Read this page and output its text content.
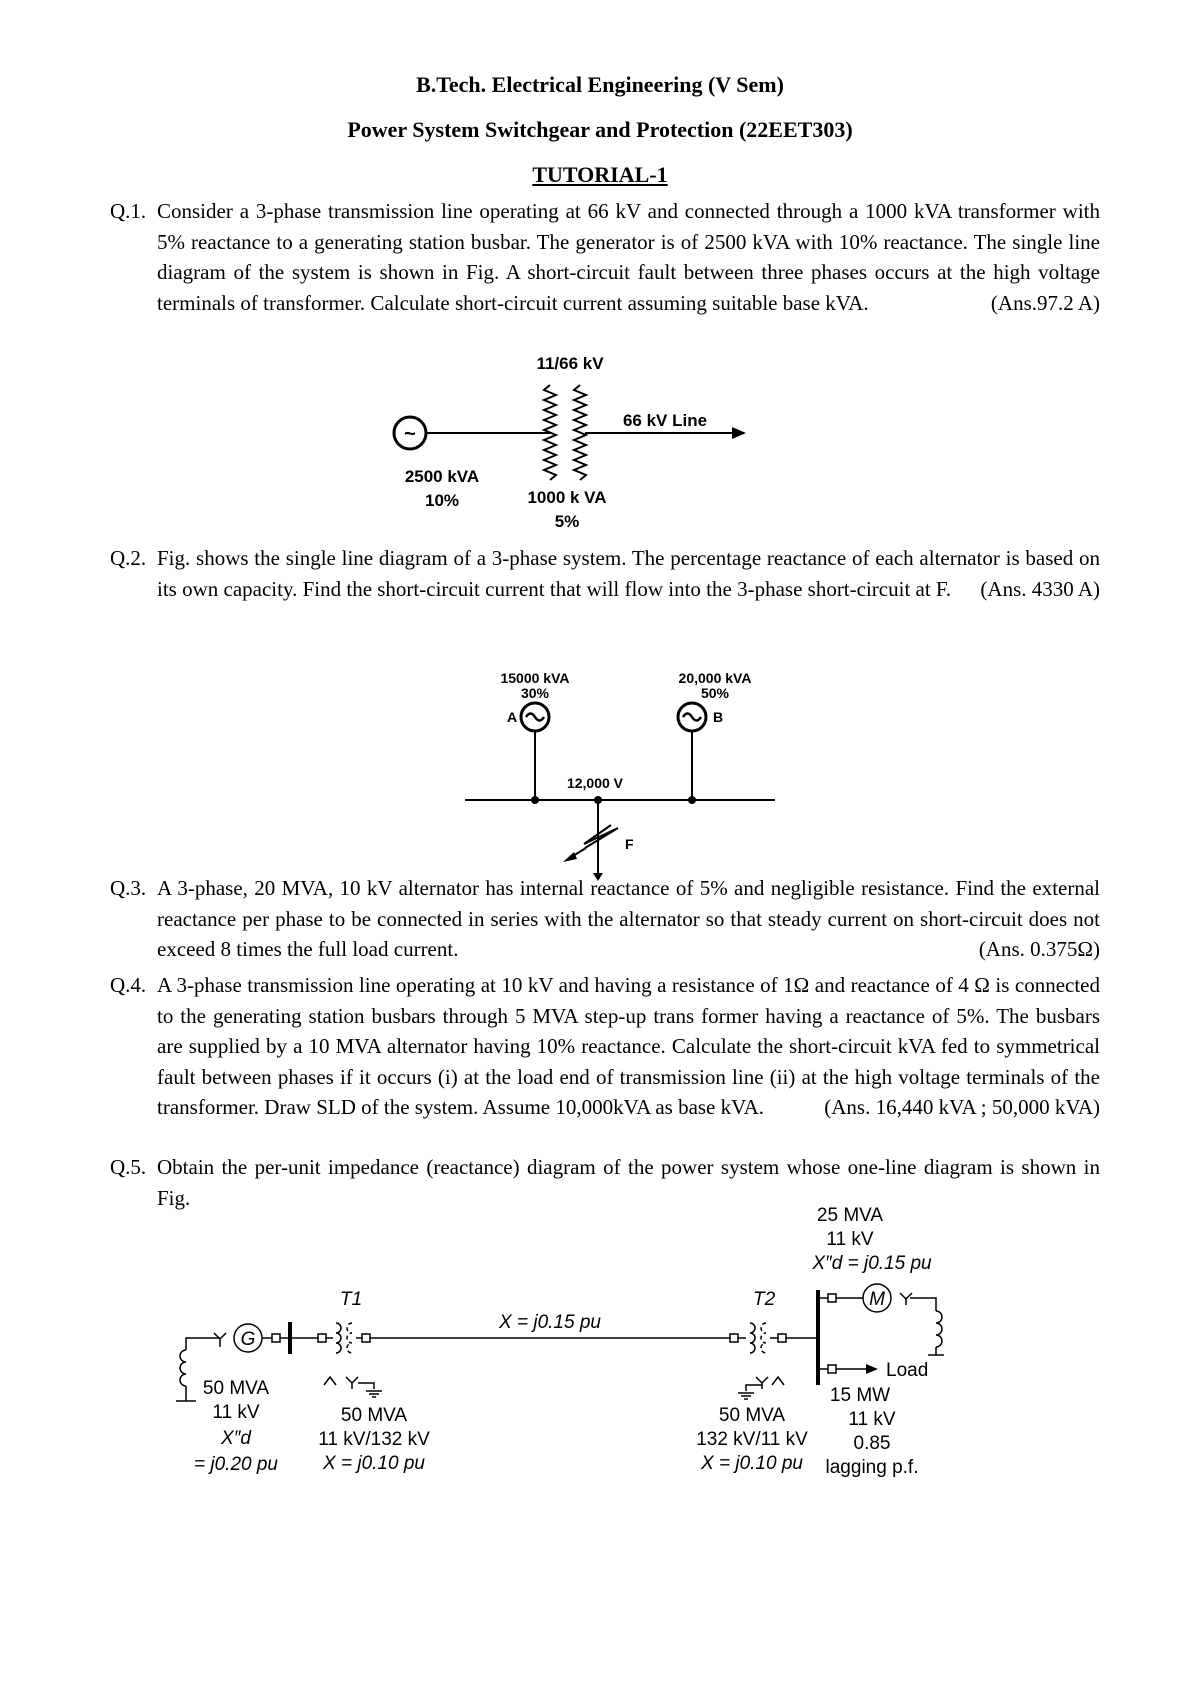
B.Tech. Electrical Engineering (V Sem)
Power System Switchgear and Protection (22EET303)
TUTORIAL-1
Q.1. Consider a 3-phase transmission line operating at 66 kV and connected through a 1000 kVA transformer with 5% reactance to a generating station busbar. The generator is of 2500 kVA with 10% reactance. The single line diagram of the system is shown in Fig. A short-circuit fault between three phases occurs at the high voltage terminals of transformer. Calculate short-circuit current assuming suitable base kVA.	(Ans.97.2 A)
11/66 kV
~
66 kV Line
2500 kVA
10%	1000 k VA
5%
Q.2. Fig. shows the single line diagram of a 3-phase system. The percentage reactance of each alternator is based on its own capacity. Find the short-circuit current that will flow into the 3-phase short-circuit at F. (Ans. 4330 A)
15000 kVA
30%
20,000 kVA
50%
A	B
12,000 V
F
Q.3. A 3-phase, 20 MVA, 10 kV alternator has internal reactance of 5% and negligible resistance. Find the external reactance per phase to be connected in series with the alternator so that steady current on short-circuit does not exceed 8 times the full load current.	(Ans. 0.375Ω)
Q.4. A 3-phase transmission line operating at 10 kV and having a resistance of 1Ω and reactance of 4 Ω is connected to the generating station busbars through 5 MVA step-up trans former having a reactance of 5%. The busbars are supplied by a 10 MVA alternator having 10% reactance. Calculate the short-circuit kVA fed to symmetrical fault between phases if it occurs (i) at the load end of transmission line (ii) at the high voltage terminals of the transformer. Draw SLD of the system. Assume 10,000kVA as base kVA.	(Ans. 16,440 kVA ; 50,000 kVA)
Q.5. Obtain the per-unit impedance (reactance) diagram of the power system whose one-line diagram is shown in Fig.
G
T1
X = j0.15 pu
T2	M
Load
25 MVA
11 kV
X″d = j0.15 pu
15 MW
11 kV
0.85
lagging p.f.
50 MVA
11 kV
X″d
= j0.20 pu
50 MVA
11 kV/132 kV
X = j0.10 pu
50 MVA
132 kV/11 kV
X = j0.10 pu
